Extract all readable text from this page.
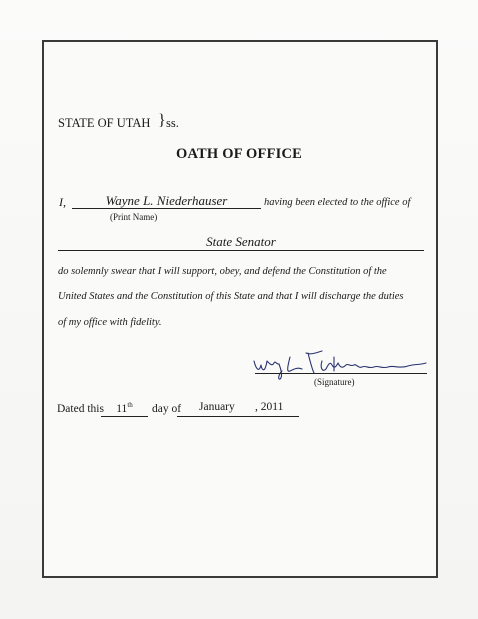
STATE OF UTAH } ss.
OATH OF OFFICE
I,	Wayne L. Niederhauser
(Print Name)
having been elected to the office of
State Senator
do solemnly swear that I will support, obey, and defend the Constitution of the
United States and the Constitution of this State and that I will discharge the duties
of my office with fidelity.
(Signature)
Dated this	11th	day of January , 2011
